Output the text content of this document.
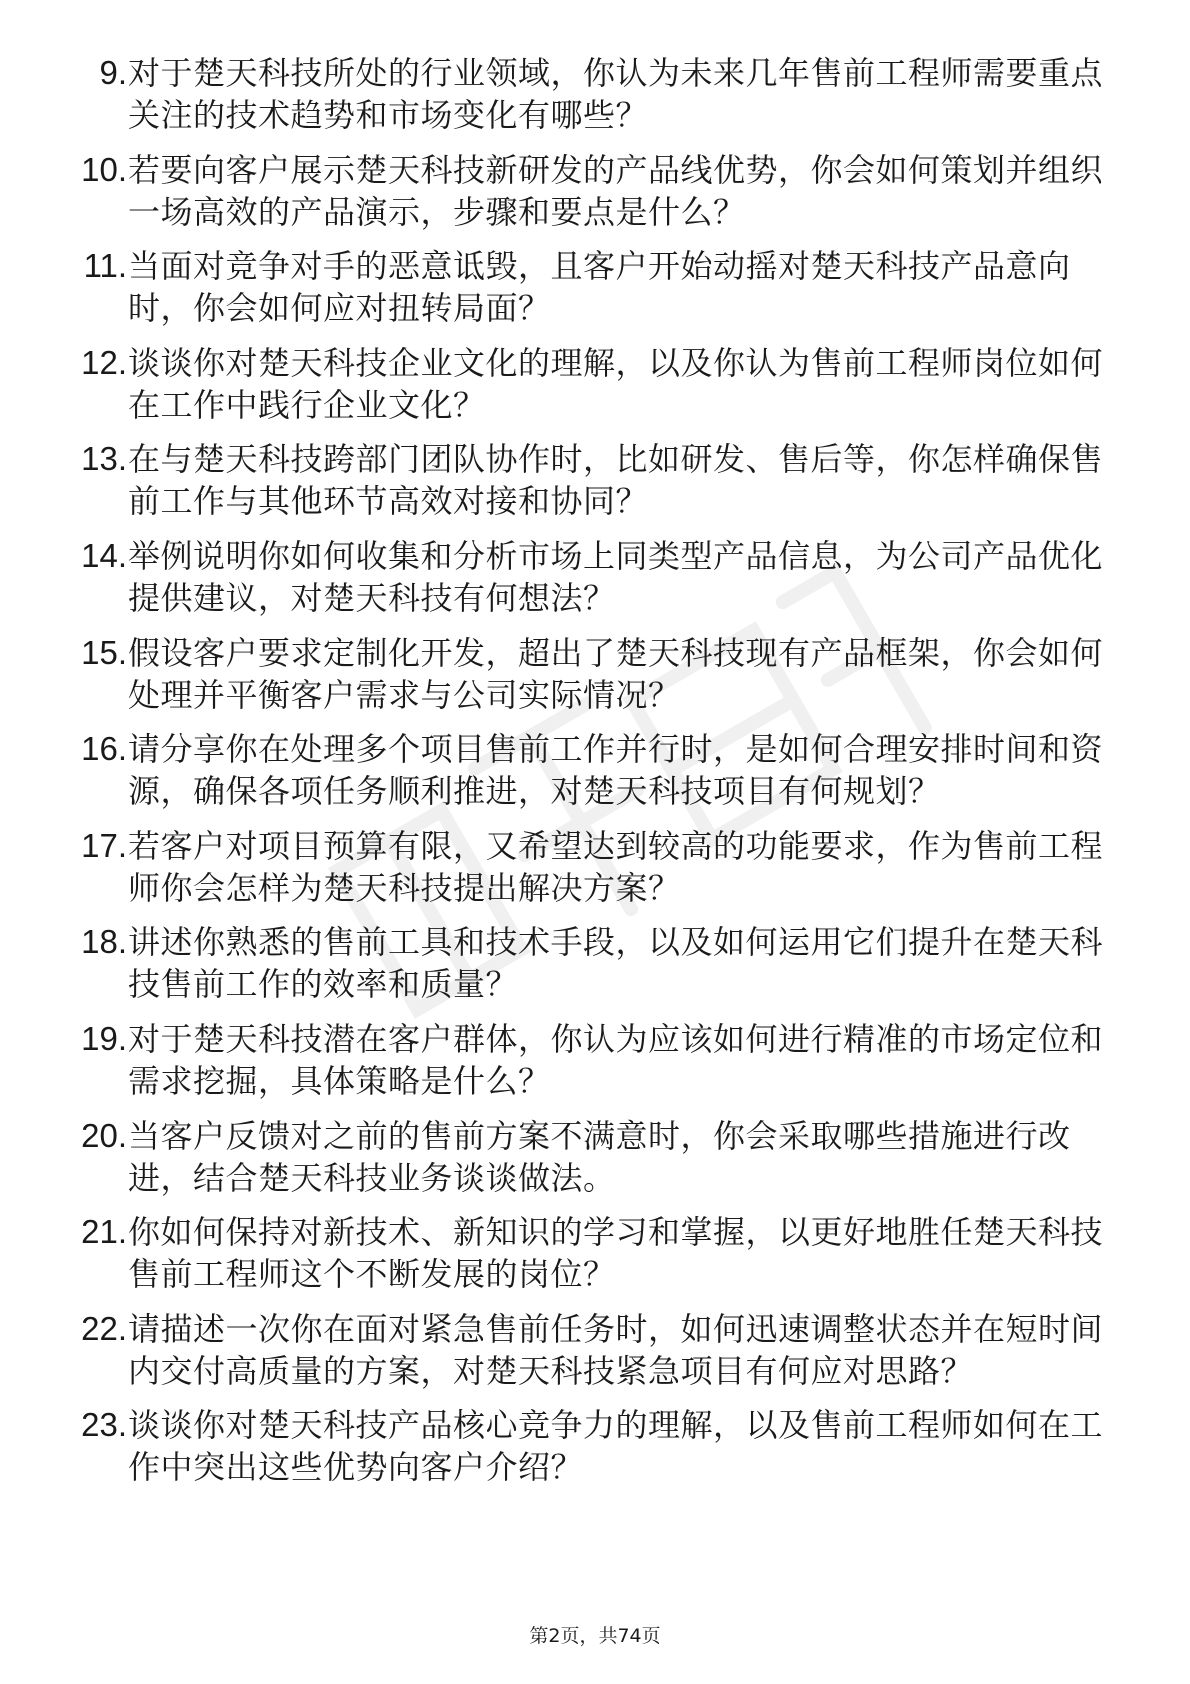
9. 对于楚天科技所处的行业领域，你认为未来几年售前工程师需要重点关注的技术趋势和市场变化有哪些？
10. 若要向客户展示楚天科技新研发的产品线优势，你会如何策划并组织一场高效的产品演示，步骤和要点是什么？
11. 当面对竞争对手的恶意诋毁，且客户开始动摇对楚天科技产品意向时，你会如何应对扭转局面？
12. 谈谈你对楚天科技企业文化的理解，以及你认为售前工程师岗位如何在工作中践行企业文化？
13. 在与楚天科技跨部门团队协作时，比如研发、售后等，你怎样确保售前工作与其他环节高效对接和协同？
14. 举例说明你如何收集和分析市场上同类型产品信息，为公司产品优化提供建议，对楚天科技有何想法？
15. 假设客户要求定制化开发，超出了楚天科技现有产品框架，你会如何处理并平衡客户需求与公司实际情况？
16. 请分享你在处理多个项目售前工作并行时，是如何合理安排时间和资源，确保各项任务顺利推进，对楚天科技项目有何规划？
17. 若客户对项目预算有限，又希望达到较高的功能要求，作为售前工程师你会怎样为楚天科技提出解决方案？
18. 讲述你熟悉的售前工具和技术手段，以及如何运用它们提升在楚天科技售前工作的效率和质量？
19. 对于楚天科技潜在客户群体，你认为应该如何进行精准的市场定位和需求挖掘，具体策略是什么？
20. 当客户反馈对之前的售前方案不满意时，你会采取哪些措施进行改进，结合楚天科技业务谈谈做法。
21. 你如何保持对新技术、新知识的学习和掌握，以更好地胜任楚天科技售前工程师这个不断发展的岗位？
22. 请描述一次你在面对紧急售前任务时，如何迅速调整状态并在短时间内交付高质量的方案，对楚天科技紧急项目有何应对思路？
23. 谈谈你对楚天科技产品核心竞争力的理解，以及售前工程师如何在工作中突出这些优势向客户介绍？
第2页，共74页
